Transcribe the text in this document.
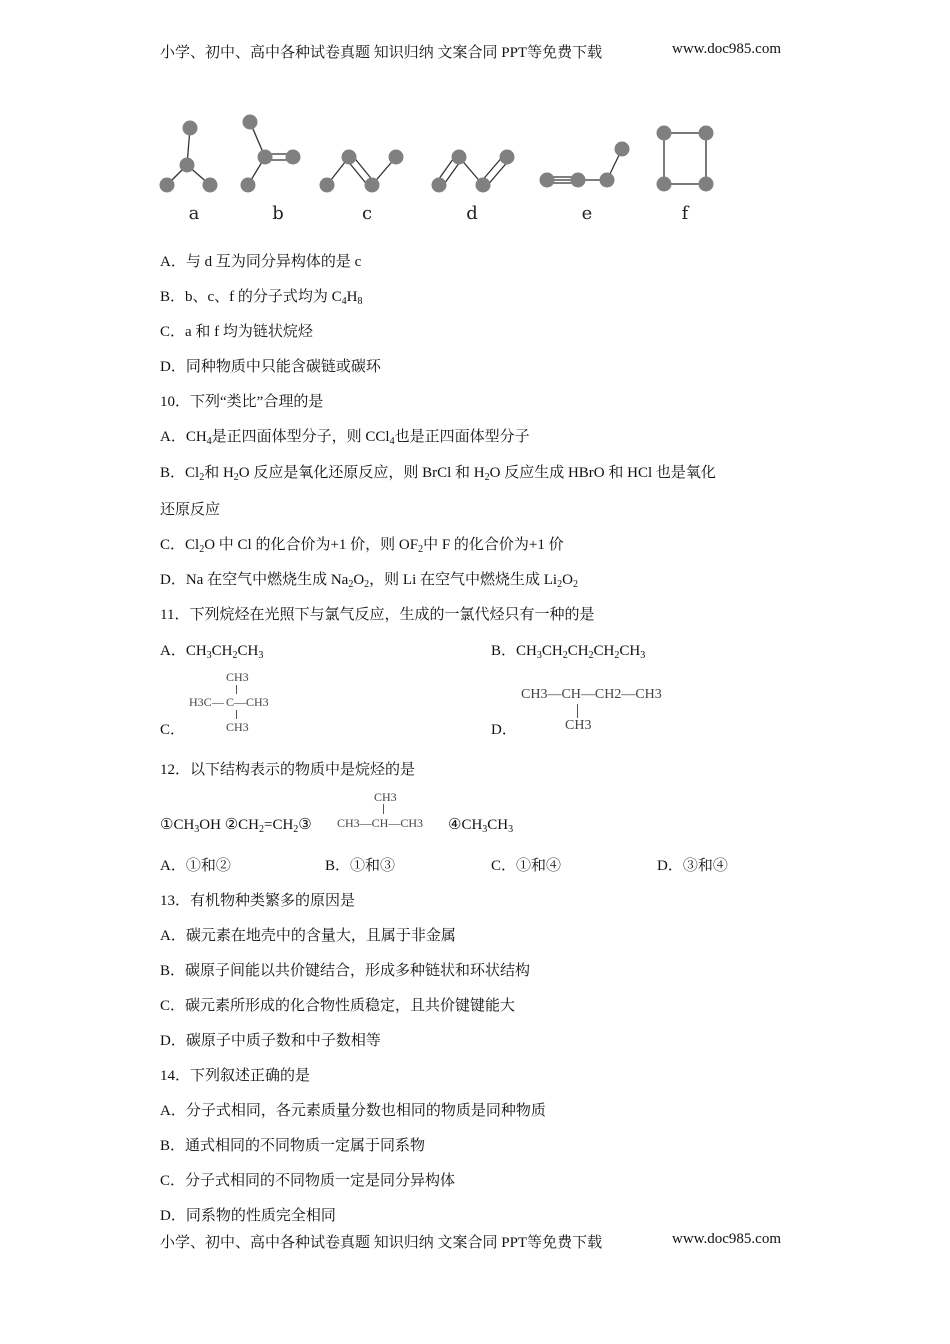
小学、初中、高中各种试卷真题 知识归纳 文案合同 PPT等免费下载	www.doc985.com
a	b	c	d	e	f
A．与 d 互为同分异构体的是 c
B．b、c、f 的分子式均为 $C_4H_8$
C．a 和 f 均为链状烷烃
D．同种物质中只能含碳链或碳环
10．下列“类比”合理的是
A．$CH_4$是正四面体型分子，则 CCl$_4$也是正四面体型分子
B．$Cl_2$和 $H_2O$ 反应是氧化还原反应，则 BrCl 和 $H_2O$ 反应生成 HBrO 和 HCl 也是氧化
还原反应
C．$Cl_2O$ 中 Cl 的化合价为+1 价，则 $OF_2$中 F 的化合价为+1 价
D．Na 在空气中燃烧生成 $Na_2O_2$，则 Li 在空气中燃烧生成 $Li_2O_2$
11．下列烷烃在光照下与氯气反应，生成的一氯代烃只有一种的是
A．$CH_3CH_2CH_3$	B．$CH_3CH_2CH_2CH_2CH_3$
C．
CH3
H3C — C — CH3
CH3	D．
CH3—CH—CH2—CH3
CH3
12．以下结构表示的物质中是烷烃的是
$①CH_3OH$ $②CH_2=CH_2③$
CH3
CH3—CH—CH3 $④CH_3CH_3$
A．①和②	B．①和③	C．①和④	D．③和④
13．有机物种类繁多的原因是
A．碳元素在地壳中的含量大，且属于非金属
B．碳原子间能以共价键结合，形成多种链状和环状结构
C．碳元素所形成的化合物性质稳定，且共价键键能大
D．碳原子中质子数和中子数相等
14．下列叙述正确的是
A．分子式相同，各元素质量分数也相同的物质是同种物质
B．通式相同的不同物质一定属于同系物
C．分子式相同的不同物质一定是同分异构体
D．同系物的性质完全相同
小学、初中、高中各种试卷真题 知识归纳 文案合同 PPT等免费下载	www.doc985.com
